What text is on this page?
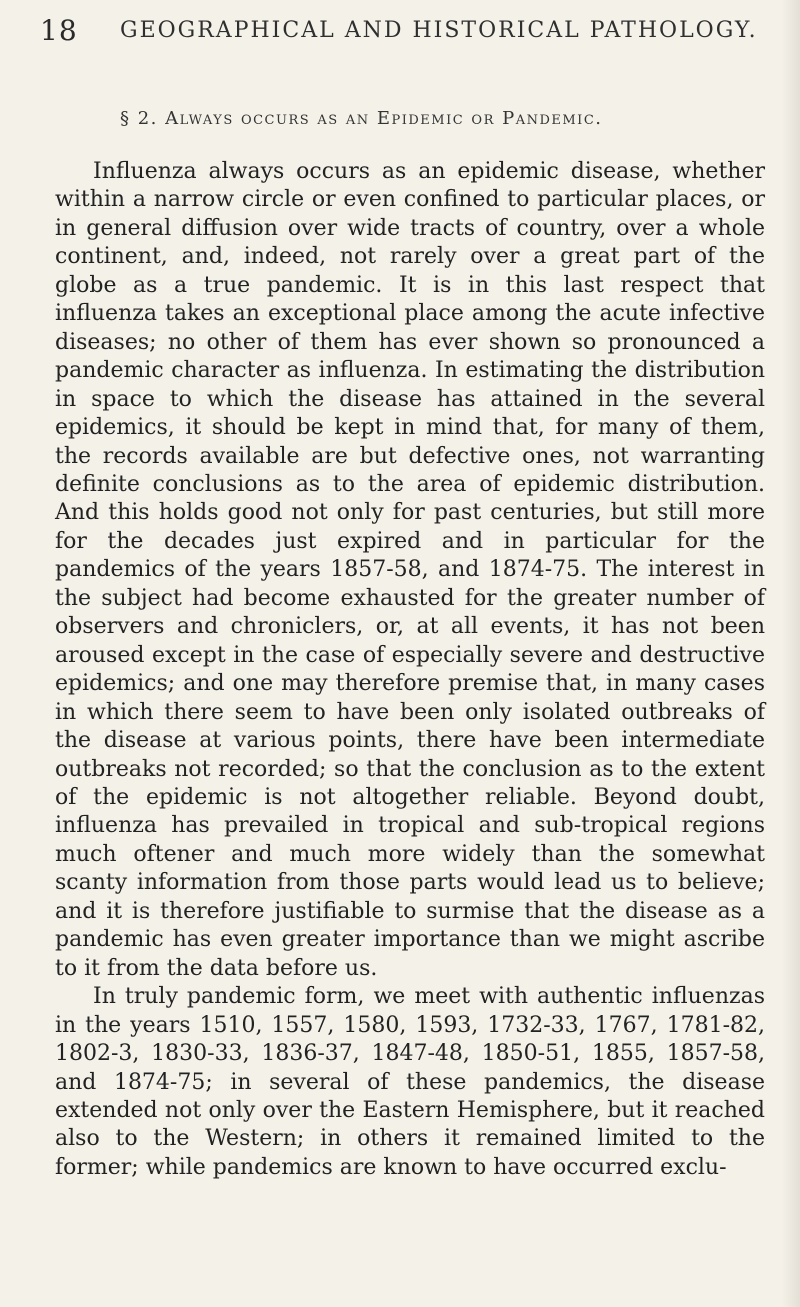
18 GEOGRAPHICAL AND HISTORICAL PATHOLOGY.
§ 2. Always occurs as an Epidemic or Pandemic.

Influenza always occurs as an epidemic disease, whether within a narrow circle or even confined to particular places, or in general diffusion over wide tracts of country, over a whole continent, and, indeed, not rarely over a great part of the globe as a true pandemic. It is in this last respect that influenza takes an exceptional place among the acute infective diseases; no other of them has ever shown so pronounced a pandemic character as influenza. In estimating the distribution in space to which the disease has attained in the several epidemics, it should be kept in mind that, for many of them, the records available are but defective ones, not warranting definite conclusions as to the area of epidemic distribution. And this holds good not only for past centuries, but still more for the decades just expired and in particular for the pandemics of the years 1857-58, and 1874-75. The interest in the subject had become exhausted for the greater number of observers and chroniclers, or, at all events, it has not been aroused except in the case of especially severe and destructive epidemics; and one may therefore premise that, in many cases in which there seem to have been only isolated outbreaks of the disease at various points, there have been intermediate outbreaks not recorded; so that the conclusion as to the extent of the epidemic is not altogether reliable. Beyond doubt, influenza has prevailed in tropical and sub-tropical regions much oftener and much more widely than the somewhat scanty information from those parts would lead us to believe; and it is therefore justifiable to surmise that the disease as a pandemic has even greater importance than we might ascribe to it from the data before us.

In truly pandemic form, we meet with authentic influenzas in the years 1510, 1557, 1580, 1593, 1732-33, 1767, 1781-82, 1802-3, 1830-33, 1836-37, 1847-48, 1850-51, 1855, 1857-58, and 1874-75; in several of these pandemics, the disease extended not only over the Eastern Hemisphere, but it reached also to the Western; in others it remained limited to the former; while pandemics are known to have occurred exclu-
